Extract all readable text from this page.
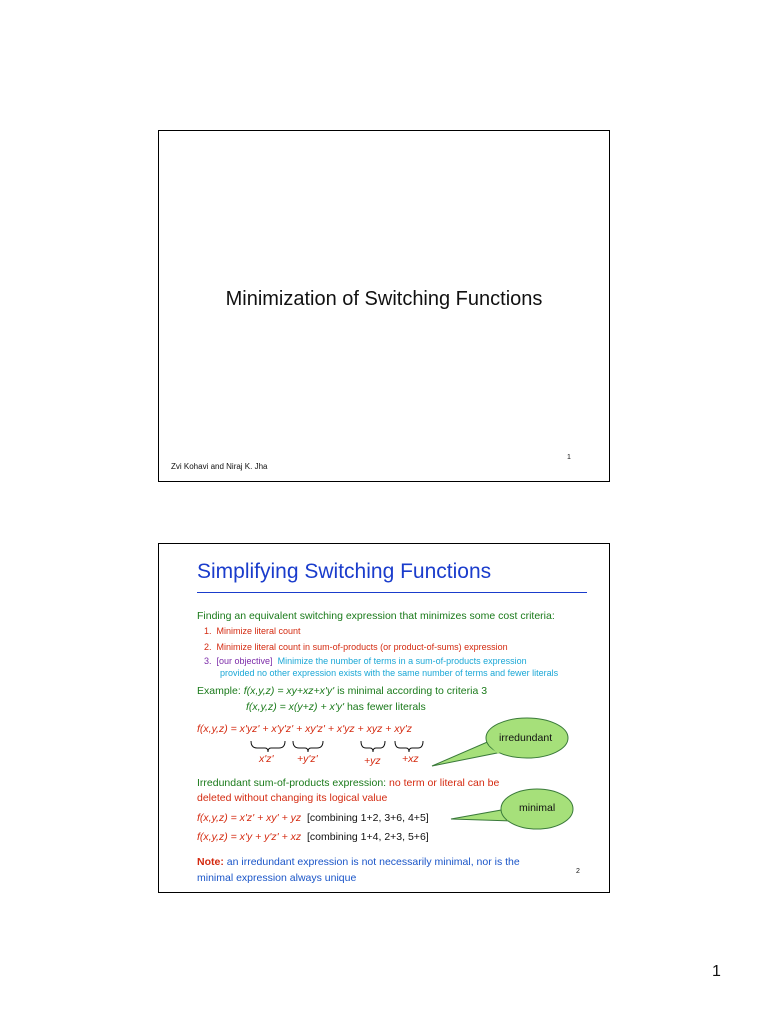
Minimization of Switching Functions
Zvi Kohavi and Niraj K. Jha
1
Simplifying Switching Functions
Finding an equivalent switching expression that minimizes some cost criteria:
1. Minimize literal count
2. Minimize literal count in sum-of-products (or product-of-sums) expression
3. [our objective] Minimize the number of terms in a sum-of-products expression
provided no other expression exists with the same number of terms and fewer literals
Example: f(x,y,z) = xy+xz+x'y' is minimal according to criteria 3
f(x,y,z) = x(y+z) + x'y' has fewer literals
f(x,y,z) = x'yz' + x'y'z' + xy'z' + x'yz + xyz + xy'z
x'z' +y'z'	+yz +xz
irredundant
Irredundant sum-of-products expression: no term or literal can be
deleted without changing its logical value
minimal
f(x,y,z) = x'z' + xy' + yz [combining 1+2, 3+6, 4+5]
f(x,y,z) = x'y + y'z' + xz [combining 1+4, 2+3, 5+6]
Note: an irredundant expression is not necessarily minimal, nor is the
minimal expression always unique
2
1
